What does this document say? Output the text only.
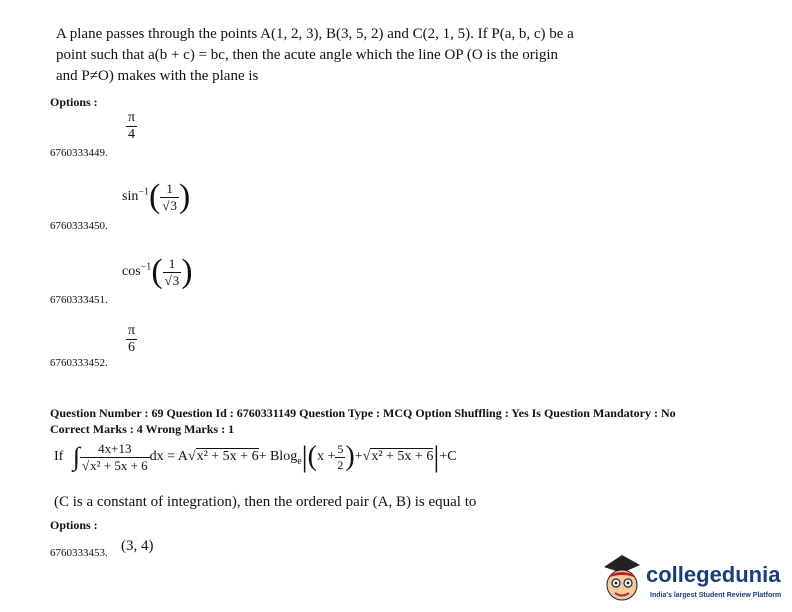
A plane passes through the points A(1, 2, 3), B(3, 5, 2) and C(2, 1, 5). If P(a, b, c) be a
point such that a(b + c) = bc, then the acute angle which the line OP (O is the origin
and P≠O) makes with the plane is
Options :
$\frac{\pi}{4}$
6760333449.
$\sin^{-1}( \frac{1}{√3}$ )
6760333450.
$\cos^{-1}( \frac{1}{√3}$ )
6760333451.
$\frac{\pi}{6}$
6760333452.
Question Number : 69 Question Id : 6760331149 Question Type : MCQ Option Shuffling : Yes Is Question Mandatory : No
Correct Marks : 4 Wrong Marks : 1
If ∫ $\frac{4x+13}{\text{√x² + 5x + 6}}$ dx = $A√x^2 + 5x + 6+ Blog_e|(x + \frac{5}{2} )+√x^2 + 5x + 6|+C$
(C is a constant of integration), then the ordered pair (A, B) is equal to
Options :
6760333453. (3, 4)
collegedunia
India's largest Student Review Platform
